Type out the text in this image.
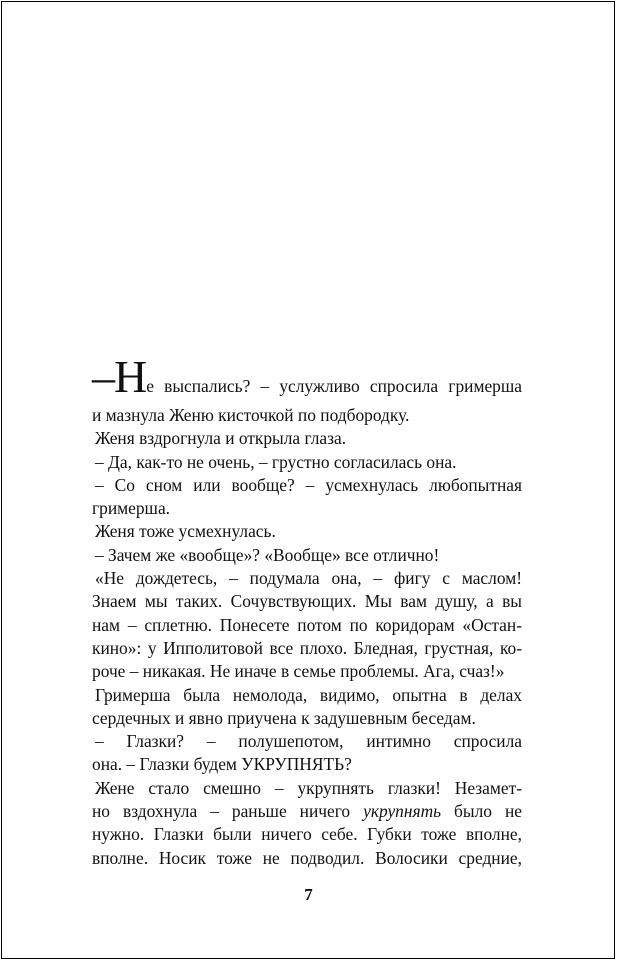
–Не выспались? – услужливо спросила гримерша
и мазнула Женю кисточкой по подбородку.
Женя вздрогнула и открыла глаза.
– Да, как-то не очень, – грустно согласилась она.
– Со сном или вообще? – усмехнулась любопытная
гримерша.
Женя тоже усмехнулась.
– Зачем же «вообще»? «Вообще» все отлично!
«Не дождетесь, – подумала она, – фигу с маслом!
Знаем мы таких. Сочувствующих. Мы вам душу, а вы
нам – сплетню. Понесете потом по коридорам «Остан-
кино»: у Ипполитовой все плохо. Бледная, грустная, ко-
роче – никакая. Не иначе в семье проблемы. Ага, счаз!»
Гримерша была немолода, видимо, опытна в делах
сердечных и явно приучена к задушевным беседам.
– Глазки? – полушепотом, интимно спросила
она. – Глазки будем УКРУПНЯТЬ?
Жене стало смешно – укрупнять глазки! Незамет-
но вздохнула – раньше ничего укрупнять было не
нужно. Глазки были ничего себе. Губки тоже вполне,
вполне. Носик тоже не подводил. Волосики средние,
7
